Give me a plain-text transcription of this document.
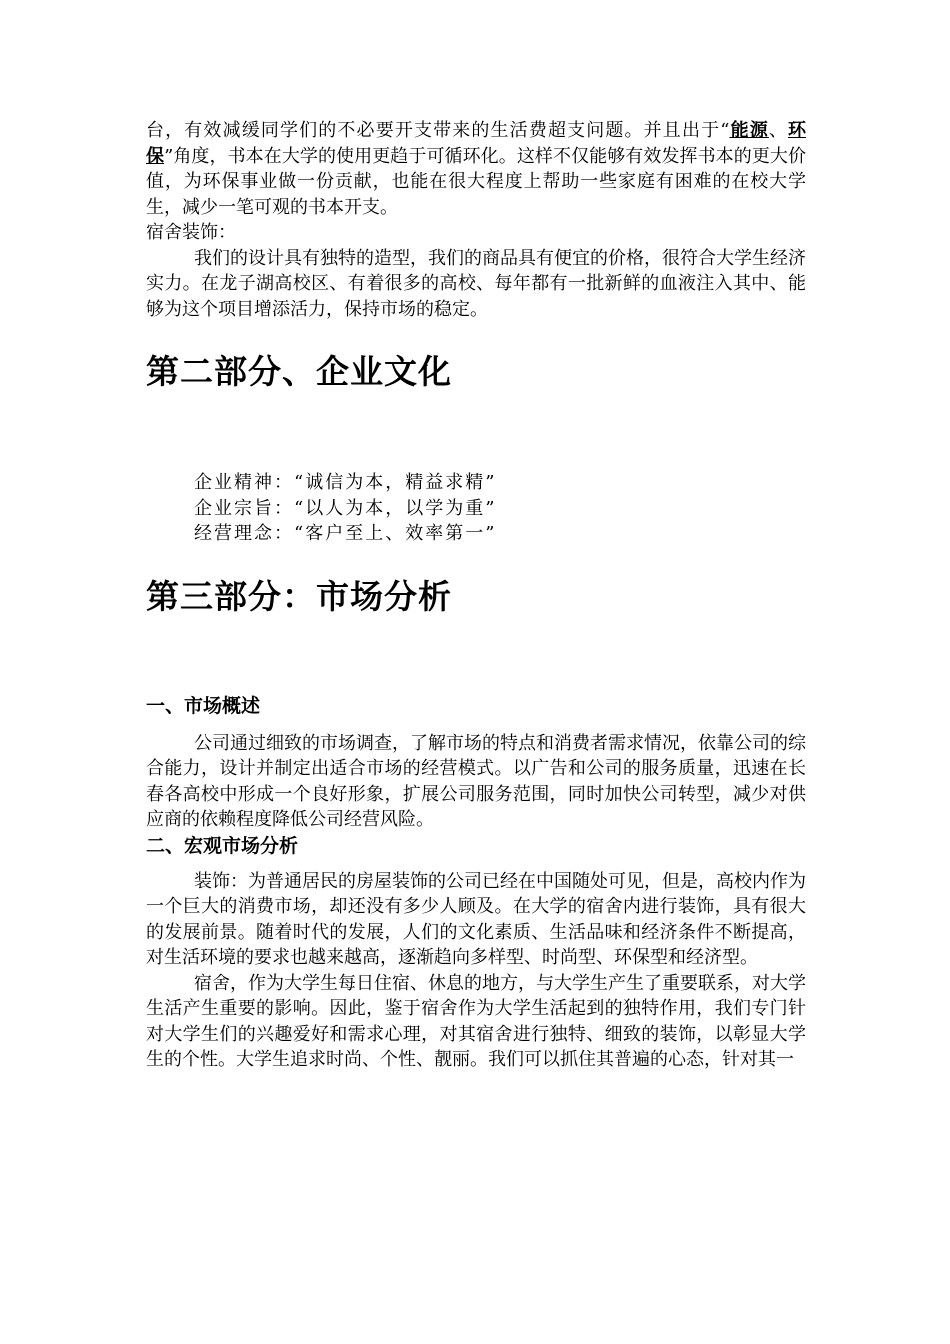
台，有效减缓同学们的不必要开支带来的生活费超支问题。并且出于“能源、环保”角度，书本在大学的使用更趋于可循环化。这样不仅能够有效发挥书本的更大价值，为环保事业做一份贡献，也能在很大程度上帮助一些家庭有困难的在校大学生，减少一笔可观的书本开支。

宿舍装饰：

我们的设计具有独特的造型，我们的商品具有便宜的价格，很符合大学生经济实力。在龙子湖高校区、有着很多的高校、每年都有一批新鲜的血液注入其中、能够为这个项目增添活力，保持市场的稳定。

第二部分、企业文化

企业精神：“诚信为本，精益求精”

企业宗旨：“以人为本，以学为重”

经营理念：“客户至上、效率第一”

第三部分：市场分析
一、市场概述

公司通过细致的市场调查，了解市场的特点和消费者需求情况，依靠公司的综合能力，设计并制定出适合市场的经营模式。以广告和公司的服务质量，迅速在长春各高校中形成一个良好形象，扩展公司服务范围，同时加快公司转型，减少对供应商的依赖程度降低公司经营风险。

二、宏观市场分析

装饰：为普通居民的房屋装饰的公司已经在中国随处可见，但是，高校内作为一个巨大的消费市场，却还没有多少人顾及。在大学的宿舍内进行装饰，具有很大的发展前景。随着时代的发展，人们的文化素质、生活品味和经济条件不断提高，对生活环境的要求也越来越高，逐渐趋向多样型、时尚型、环保型和经济型。

宿舍，作为大学生每日住宿、休息的地方，与大学生产生了重要联系，对大学生活产生重要的影响。因此，鉴于宿舍作为大学生活起到的独特作用，我们专门针对大学生们的兴趣爱好和需求心理，对其宿舍进行独特、细致的装饰，以彰显大学生的个性。大学生追求时尚、个性、靓丽。我们可以抓住其普遍的心态，针对其一
